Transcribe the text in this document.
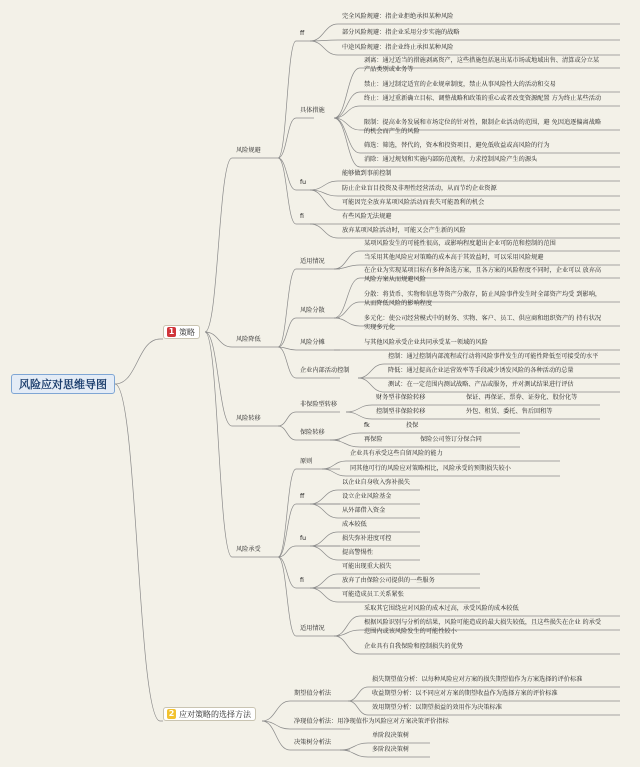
风险应对思维导图
1 策略
2 应对策略的选择方法
风险规避
ff
完全风险规避：指企业拒绝承担某种风险
部分风险规避：指企业采用分步实施的战略
中途风险规避：指企业终止承担某种风险
具体措施
剥离：通过适当的措施剥离资产，这些措施包括退出某市场或地域出售、清算或分立某产品类别或业务等
禁止：通过制定适宜的企业规章制度，禁止从事风险性大的活动和交易
终止：通过重新确立目标、调整战略和政策的重心或者改变资源配置 方为终止某些活动
限制：提高业务发展和市场定位的针对性，限制企业活动的范围，避 免因追逐偏离战略的机会而产生的风险
筛选：筛选，替代的，资本和投资项目，避免低收益或高风险的行为
消除：通过规划和实施内部防范流程，力求控制风险产生的源头
fu
能够做到事前控制
防止企业盲目投资及非理性经营活动，从而节约企业资源
可能因完全放弃某项风险活动而丧失可能盈利的机会
fi	有些风险无法规避
放弃某项风险活动时，可能又会产生新的风险
风险降低
适用情况
某项风险发生的可能性很高，或影响程度超出企业可防范和控制的范围
当采用其他风险应对策略的成本高于其效益时，可以采用风险规避
风险分散
在企业为实现某项目标有多种备选方案，且各方案的风险程度不同时，企业可以 放弃高风险方案从而规避风险
分散：将货币、实物和信息等资产分散存，防止风险事件发生时全部资产均受 到影响，从而降低风险的影响程度
多元化：使公司经营模式中的财务、实物、客户、员工、供应商和组织资产的 持有状况实现多元化
风险分摊	与其他风险承受企业共同承受某一领域的风险
企业内部活动控制
控制：通过控制内部流程或行动将风险事件发生的可能性降低至可接受的水平
降低：通过提高企业运营效率等手段减少诱发风险的各种活动的总量
测试：在一定范围内测试战略、产品或服务，并对测试结果进行评估
风险转移
非保险型转移
财务型非保险转移	保证、再保证、票券、证券化、股份化等
控制型非保险转移	外包、租赁、委托、售后回租等
保险转移
fk	投保
再保险	保险公司签订分保合同
风险承受
原则
企业具有承受这些自留风险的能力
同其他可行的风险应对策略相比，风险承受的预期损失较小
ff
以企业自身收入弥补损失
设立企业风险基金
从外部借入资金
fu
成本较低
损失弥补进度可控
提高警惕性
fi
可能出现重大损失
放弃了由保险公司提供的一些服务
可能造成员工关系紧张
适用情况
采取其它围绕应对风险的成本过高，承受风险的成本较低
根据风险识别与分析的结果，风险可能造成的最大损失较低，且这些损失在企业 的承受范围内或该风险发生的可能性较小
企业具有自我保险和控制损失的优势
期望值分析法
损失期望值分析：以每种风险应对方案的损失期望值作为方案选择的评价标准
收益期望分析：以不同应对方案的期望收益作为选择方案的评价标准
效用期望分析：以期望损益的效用作为决策标准
净现值分析法：用净现值作为风险应对方案决策评价指标
决策树分析法
单阶段决策树
多阶段决策树
